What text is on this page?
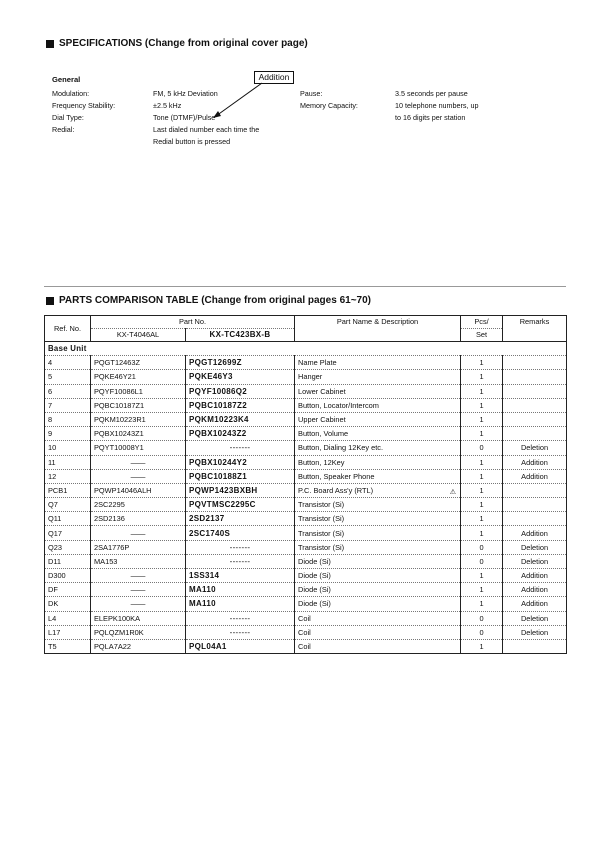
SPECIFICATIONS (Change from original cover page)
Addition
General
Modulation:	FM, 5 kHz Deviation
Frequency Stability:	±2.5 kHz
Dial Type:	Tone (DTMF)/Pulse
Redial:	Last dialed number each time the
Redial button is pressed
Pause:	3.5 seconds per pause
Memory Capacity:	10 telephone numbers, up
to 16 digits per station
PARTS COMPARISON TABLE (Change from original pages 61~70)
Ref. No.	Part No.		Part Name & Description	Pcs/	Remarks
	KX-T4046AL	KX-TC423BX-B		Set	
Base Unit					
4	PQGT12463Z	PQGT12699Z	Name Plate	1	
5	PQKE46Y21	PQKE46Y3	Hanger	1	
6	PQYF10086L1	PQYF10086Q2	Lower Cabinet	1	
7	PQBC10187Z1	PQBC10187Z2	Button, Locator/Intercom	1	
8	PQKM10223R1	PQKM10223K4	Upper Cabinet	1	
9	PQBX10243Z1	PQBX10243Z2	Button, Volume	1	
10	PQYT10008Y1	-------	Button, Dialing 12Key etc.	0	Deletion
11	——	PQBX10244Y2	Button, 12Key	1	Addition
12	——	PQBC10188Z1	Button, Speaker Phone	1	Addition
PCB1	PQWP14046ALH	PQWP1423BXBH	P.C. Board Ass'y (RTL) ⚠	1	
Q7	2SC2295	PQVTMSC2295C	Transistor (Si)	1	
Q11	2SD2136	2SD2137	Transistor (Si)	1	
Q17	——	2SC1740S	Transistor (Si)	1	Addition
Q23	2SA1776P	-------	Transistor (Si)	0	Deletion
D11	MA153	-------	Diode (Si)	0	Deletion
D300	——	1SS314	Diode (Si)	1	Addition
DF	——	MA110	Diode (Si)	1	Addition
DK	——	MA110	Diode (Si)	1	Addition
L4	ELEPK100KA	-------	Coil	0	Deletion
L17	PQLQZM1R0K	-------	Coil	0	Deletion
T5	PQLA7A22	PQL04A1	Coil	1	
